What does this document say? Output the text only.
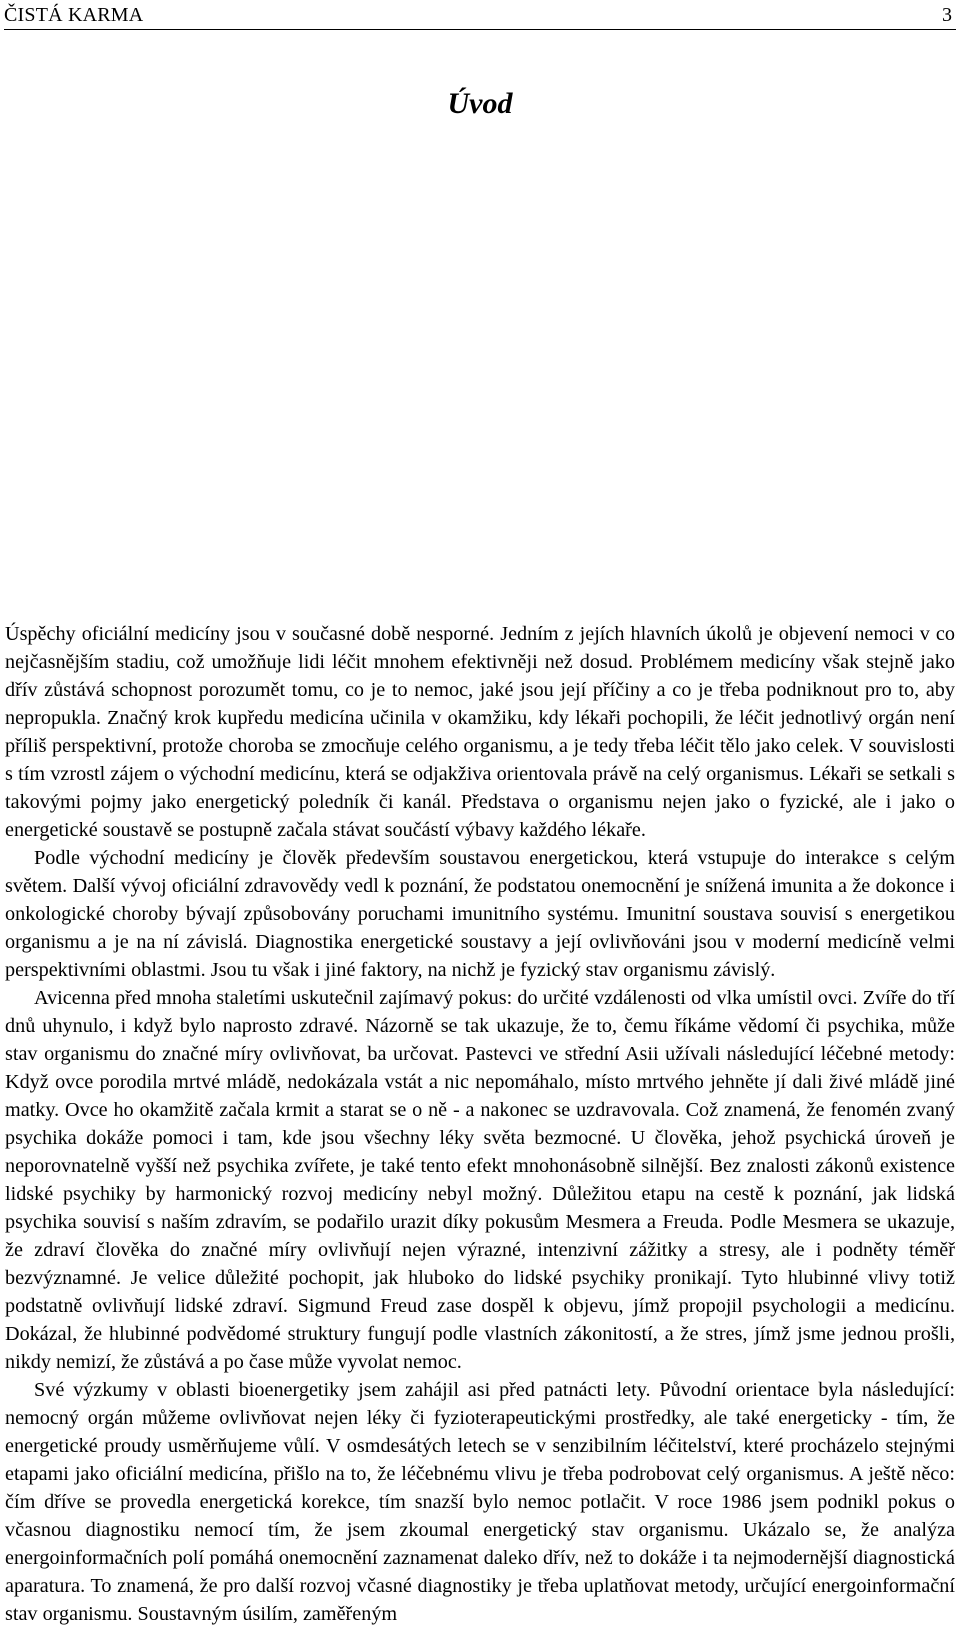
ČISTÁ KARMA	3
Úvod

Úspěchy oficiální medicíny jsou v současné době nesporné. Jedním z jejích hlavních úkolů je objevení nemoci v co nejčasnějším stadiu, což umožňuje lidi léčit mnohem efektivněji než dosud. Problémem medicíny však stejně jako dřív zůstává schopnost porozumět tomu, co je to nemoc, jaké jsou její příčiny a co je třeba podniknout pro to, aby nepropukla. Značný krok kupředu medicína učinila v okamžiku, kdy lékaři pochopili, že léčit jednotlivý orgán není příliš perspektivní, protože choroba se zmocňuje celého organismu, a je tedy třeba léčit tělo jako celek. V souvislosti s tím vzrostl zájem o východní medicínu, která se odjakživa orientovala právě na celý organismus. Lékaři se setkali s takovými pojmy jako energetický poledník či kanál. Představa o organismu nejen jako o fyzické, ale i jako o energetické soustavě se postupně začala stávat součástí výbavy každého lékaře.

Podle východní medicíny je člověk především soustavou energetickou, která vstupuje do interakce s celým světem. Další vývoj oficiální zdravovědy vedl k poznání, že podstatou onemocnění je snížená imunita a že dokonce i onkologické choroby bývají způsobovány poruchami imunitního systému. Imunitní soustava souvisí s energetikou organismu a je na ní závislá. Diagnostika energetické soustavy a její ovlivňováni jsou v moderní medicíně velmi perspektivními oblastmi. Jsou tu však i jiné faktory, na nichž je fyzický stav organismu závislý.

Avicenna před mnoha staletími uskutečnil zajímavý pokus: do určité vzdálenosti od vlka umístil ovci. Zvíře do tří dnů uhynulo, i když bylo naprosto zdravé. Názorně se tak ukazuje, že to, čemu říkáme vědomí či psychika, může stav organismu do značné míry ovlivňovat, ba určovat. Pastevci ve střední Asii užívali následující léčebné metody: Když ovce porodila mrtvé mládě, nedokázala vstát a nic nepomáhalo, místo mrtvého jehněte jí dali živé mládě jiné matky. Ovce ho okamžitě začala krmit a starat se o ně - a nakonec se uzdravovala. Což znamená, že fenomén zvaný psychika dokáže pomoci i tam, kde jsou všechny léky světa bezmocné. U člověka, jehož psychická úroveň je neporovnatelně vyšší než psychika zvířete, je také tento efekt mnohonásobně silnější. Bez znalosti zákonů existence lidské psychiky by harmonický rozvoj medicíny nebyl možný. Důležitou etapu na cestě k poznání, jak lidská psychika souvisí s naším zdravím, se podařilo urazit díky pokusům Mesmera a Freuda. Podle Mesmera se ukazuje, že zdraví člověka do značné míry ovlivňují nejen výrazné, intenzivní zážitky a stresy, ale i podněty téměř bezvýznamné. Je velice důležité pochopit, jak hluboko do lidské psychiky pronikají. Tyto hlubinné vlivy totiž podstatně ovlivňují lidské zdraví. Sigmund Freud zase dospěl k objevu, jímž propojil psychologii a medicínu. Dokázal, že hlubinné podvědomé struktury fungují podle vlastních zákonitostí, a že stres, jímž jsme jednou prošli, nikdy nemizí, že zůstává a po čase může vyvolat nemoc.

Své výzkumy v oblasti bioenergetiky jsem zahájil asi před patnácti lety. Původní orientace byla následující: nemocný orgán můžeme ovlivňovat nejen léky či fyzioterapeutickými prostředky, ale také energeticky - tím, že energetické proudy usměrňujeme vůlí. V osmdesátých letech se v senzibilním léčitelství, které procházelo stejnými etapami jako oficiální medicína, přišlo na to, že léčebnému vlivu je třeba podrobovat celý organismus. A ještě něco: čím dříve se provedla energetická korekce, tím snazší bylo nemoc potlačit. V roce 1986 jsem podnikl pokus o včasnou diagnostiku nemocí tím, že jsem zkoumal energetický stav organismu. Ukázalo se, že analýza energoinformačních polí pomáhá onemocnění zaznamenat daleko dřív, než to dokáže i ta nejmodernější diagnostická aparatura. To znamená, že pro další rozvoj včasné diagnostiky je třeba uplatňovat metody, určující energoinformační stav organismu. Soustavným úsilím, zaměřeným
